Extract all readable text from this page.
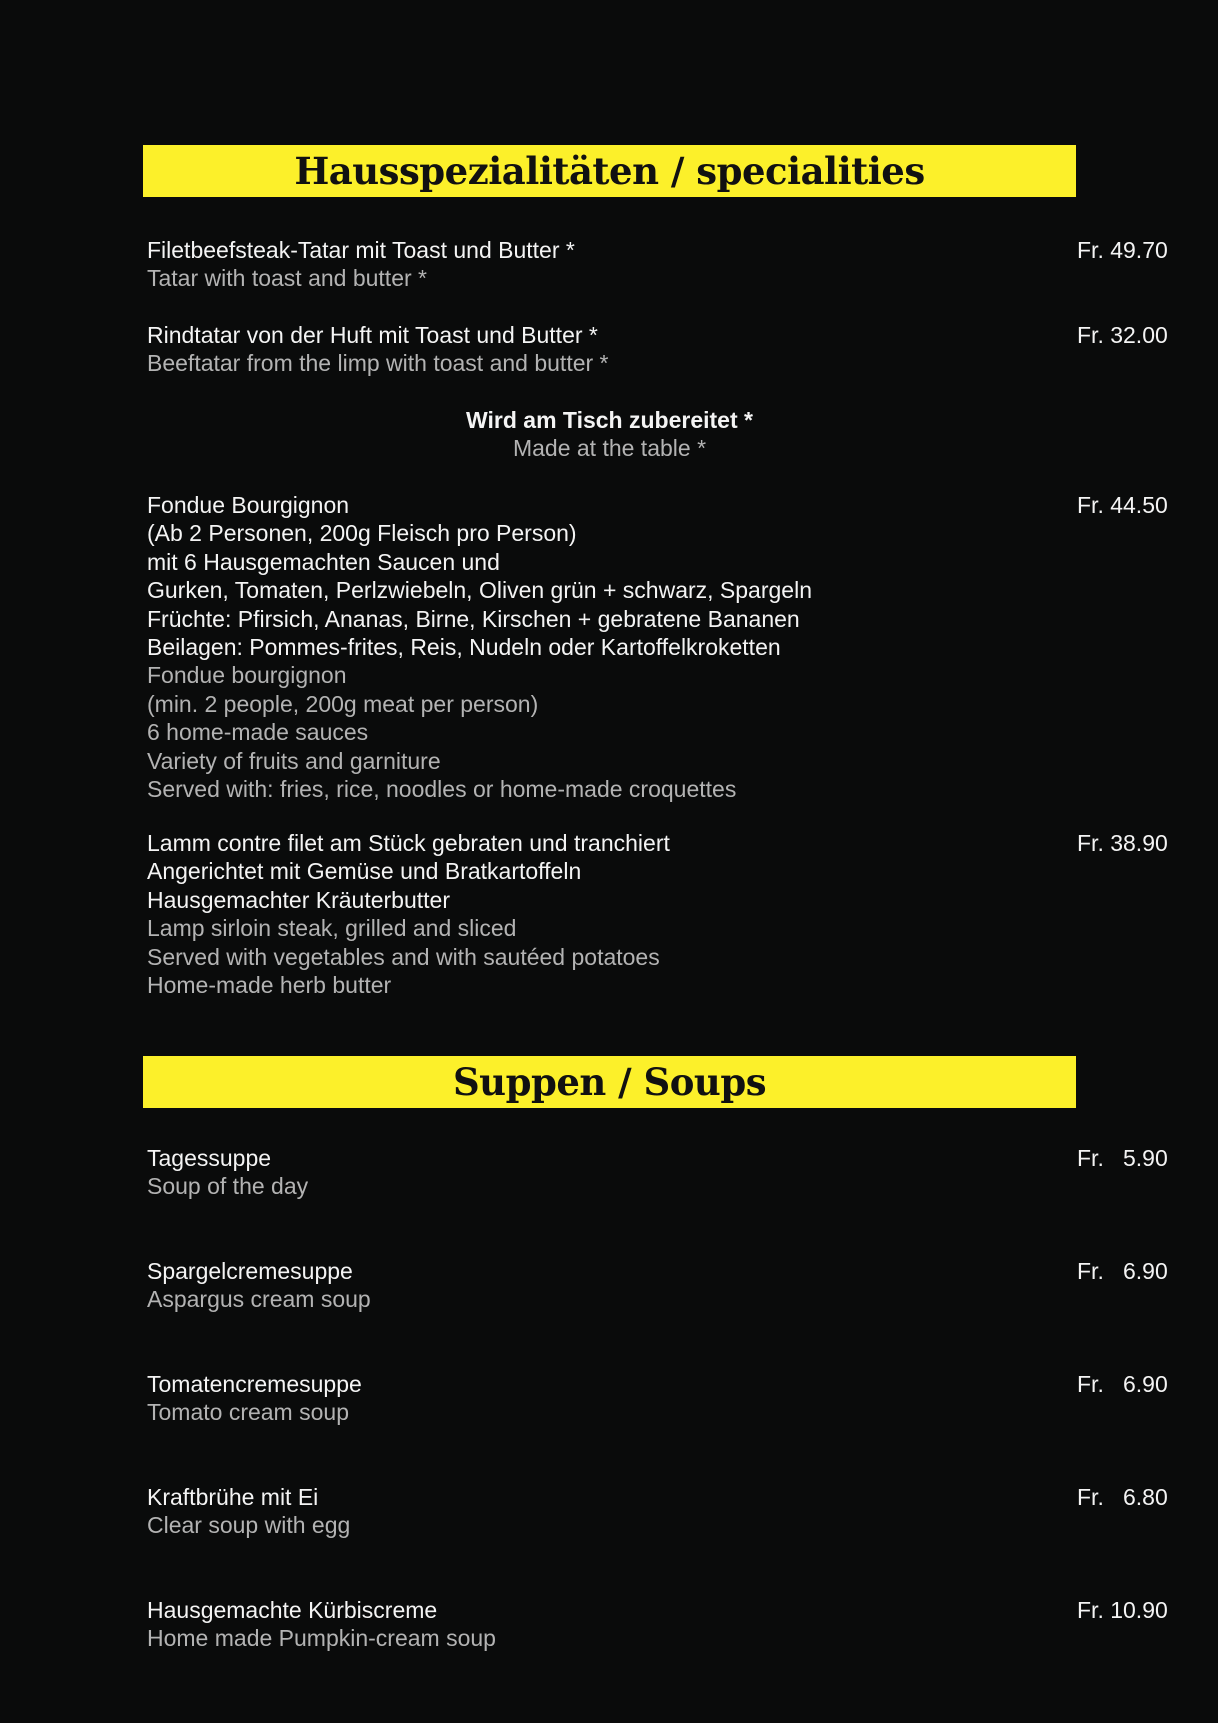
Hausspezialitäten / specialities
Filetbeefsteak-Tatar mit Toast und Butter *
Tatar with toast and butter *
Fr. 49.70
Rindtatar von der Huft mit Toast und Butter *
Beeftatar from the limp with toast and butter *
Fr. 32.00
Wird am Tisch zubereitet *
Made at the table *
Fondue Bourgignon
(Ab 2 Personen, 200g Fleisch pro Person)
mit 6 Hausgemachten Saucen und
Gurken, Tomaten, Perlzwiebeln, Oliven grün + schwarz, Spargeln
Früchte: Pfirsich, Ananas, Birne, Kirschen + gebratene Bananen
Beilagen: Pommes-frites, Reis, Nudeln oder Kartoffelkroketten
Fondue bourgignon
(min. 2 people, 200g meat per person)
6 home-made sauces
Variety of fruits and garniture
Served with: fries, rice, noodles or home-made croquettes
Fr. 44.50
Lamm contre filet am Stück gebraten und tranchiert
Angerichtet mit Gemüse und Bratkartoffeln
Hausgemachter Kräuterbutter
Lamp sirloin steak, grilled and sliced
Served with vegetables and with sautéed potatoes
Home-made herb butter
Fr. 38.90
Suppen / Soups
Tagessuppe
Soup of the day
Fr.   5.90
Spargelcremesuppe
Aspargus cream soup
Fr.   6.90
Tomatencremesuppe
Tomato cream soup
Fr.   6.90
Kraftbrühe mit Ei
Clear soup with egg
Fr.   6.80
Hausgemachte Kürbiscreme
Home made Pumpkin-cream soup
Fr. 10.90
